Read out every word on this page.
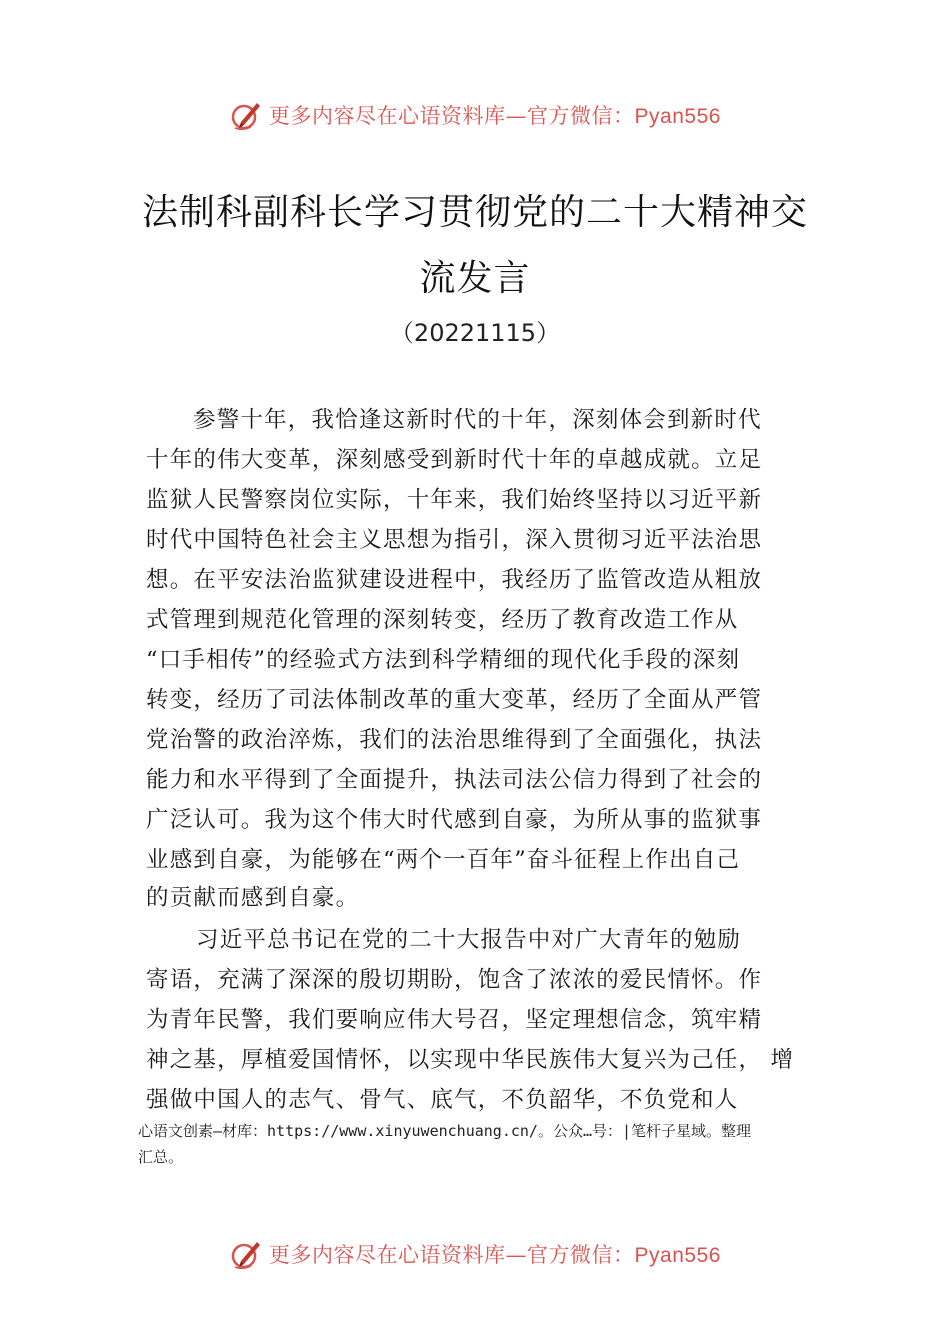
更多内容尽在心语资料库—官方微信：Pyan556
法制科副科长学习贯彻党的二十大精神交
流发言
（20221115）
参警十年，我恰逢这新时代的十年，深刻体会到新时代
十年的伟大变革，深刻感受到新时代十年的卓越成就。立足
监狱人民警察岗位实际，十年来，我们始终坚持以习近平新
时代中国特色社会主义思想为指引，深入贯彻习近平法治思
想。在平安法治监狱建设进程中，我经历了监管改造从粗放
式管理到规范化管理的深刻转变，经历了教育改造工作从
“口手相传”的经验式方法到科学精细的现代化手段的深刻
转变，经历了司法体制改革的重大变革，经历了全面从严管
党治警的政治淬炼，我们的法治思维得到了全面强化，执法
能力和水平得到了全面提升，执法司法公信力得到了社会的
广泛认可。我为这个伟大时代感到自豪，为所从事的监狱事
业感到自豪，为能够在“两个一百年”奋斗征程上作出自己
的贡献而感到自豪。
习近平总书记在党的二十大报告中对广大青年的勉励
寄语，充满了深深的殷切期盼，饱含了浓浓的爱民情怀。作
为青年民警，我们要响应伟大号召，坚定理想信念，筑牢精
神之基，厚植爱国情怀，以实现中华民族伟大复兴为己任， 增
强做中国人的志气、骨气、底气，不负韶华，不负党和人
心语文创素—材库：https://www.xinyuwenchuang.cn/。公众…号：|笔杆子星域。整理
汇总。
更多内容尽在心语资料库—官方微信：Pyan556
